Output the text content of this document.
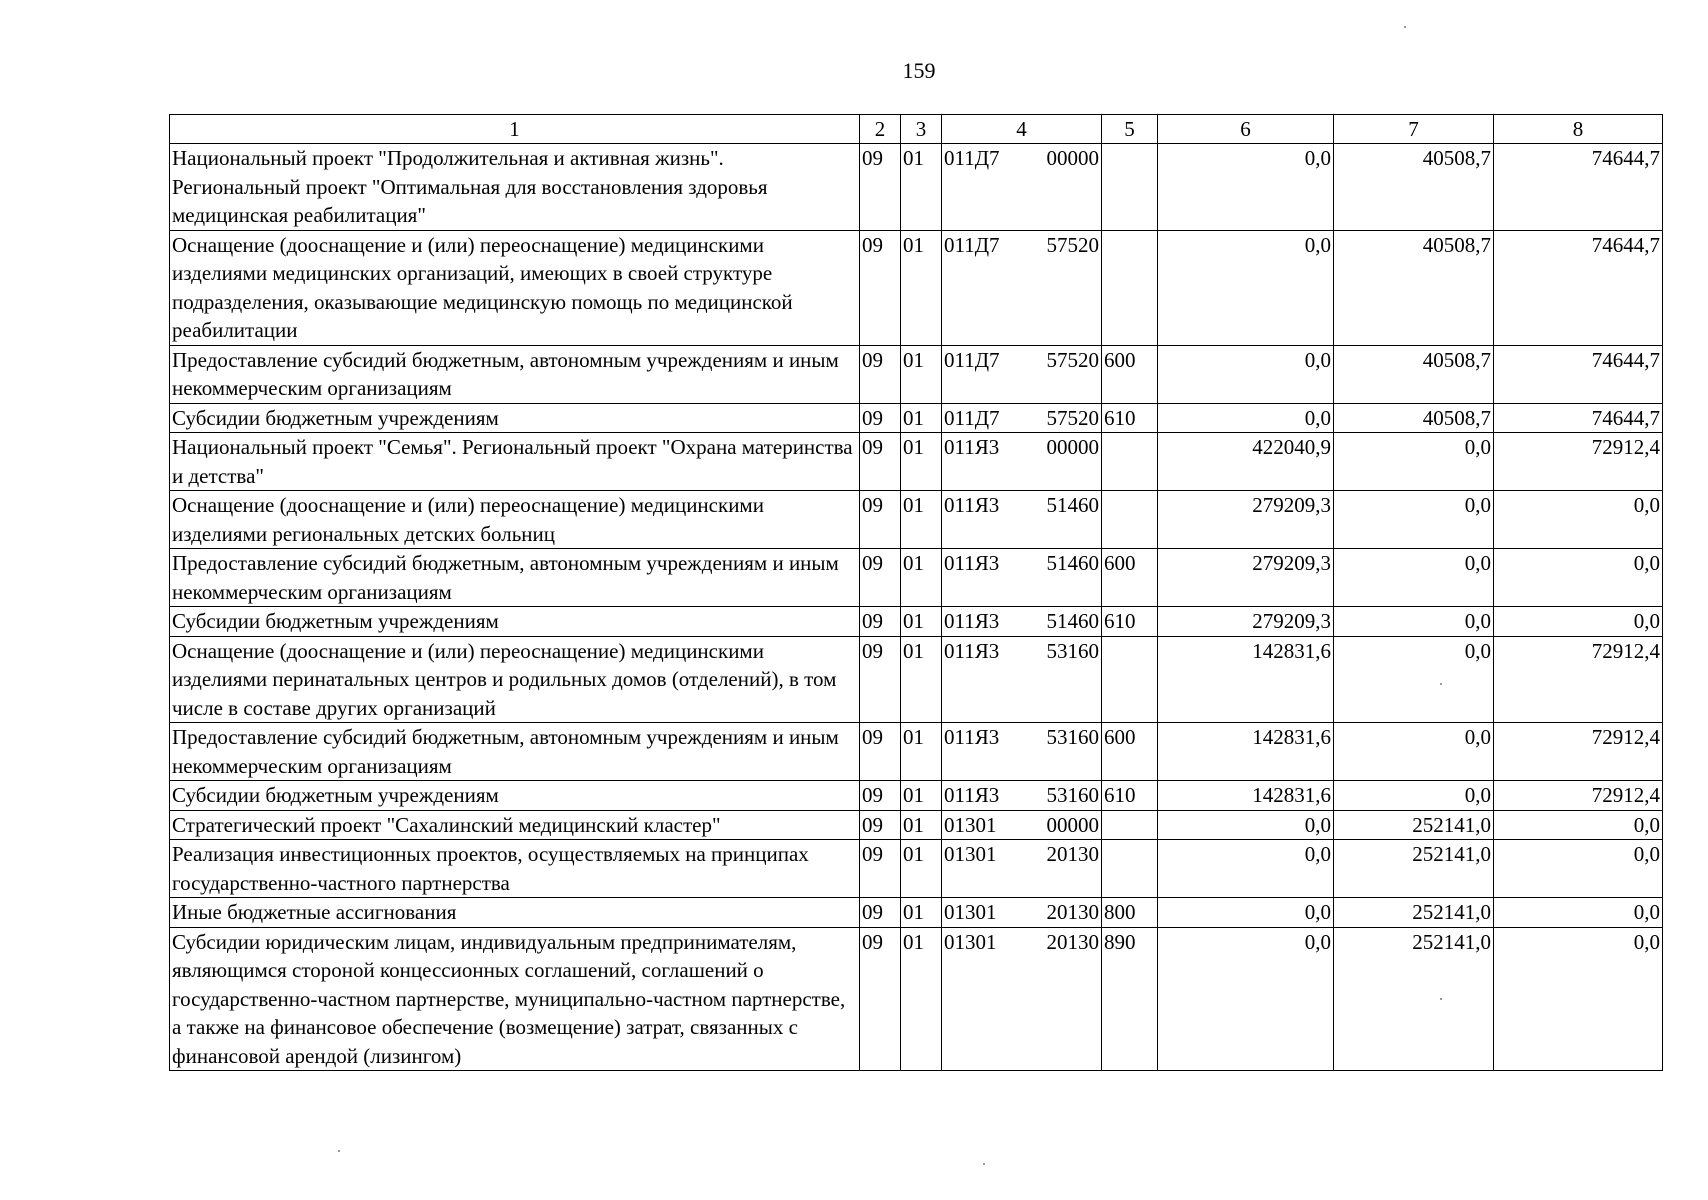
159
1	2	3	4	5	6	7	8
Национальный проект "Продолжительная и активная жизнь". Региональный проект "Оптимальная для восстановления здоровья медицинская реабилитация"	09	01	011Д7 00000		0,0	40508,7	74644,7
Оснащение (дооснащение и (или) переоснащение) медицинскими изделиями медицинских организаций, имеющих в своей структуре подразделения, оказывающие медицинскую помощь по медицинской реабилитации	09	01	011Д7 57520		0,0	40508,7	74644,7
Предоставление субсидий бюджетным, автономным учреждениям и иным некоммерческим организациям	09	01	011Д7 57520	600	0,0	40508,7	74644,7
Субсидии бюджетным учреждениям	09	01	011Д7 57520	610	0,0	40508,7	74644,7
Национальный проект "Семья". Региональный проект "Охрана материнства и детства"	09	01	011Я3 00000		422040,9	0,0	72912,4
Оснащение (дооснащение и (или) переоснащение) медицинскими изделиями региональных детских больниц	09	01	011Я3 51460		279209,3	0,0	0,0
Предоставление субсидий бюджетным, автономным учреждениям и иным некоммерческим организациям	09	01	011Я3 51460	600	279209,3	0,0	0,0
Субсидии бюджетным учреждениям	09	01	011Я3 51460	610	279209,3	0,0	0,0
Оснащение (дооснащение и (или) переоснащение) медицинскими изделиями перинатальных центров и родильных домов (отделений), в том числе в составе других организаций	09	01	011Я3 53160		142831,6	0,0	72912,4
Предоставление субсидий бюджетным, автономным учреждениям и иным некоммерческим организациям	09	01	011Я3 53160	600	142831,6	0,0	72912,4
Субсидии бюджетным учреждениям	09	01	011Я3 53160	610	142831,6	0,0	72912,4
Стратегический проект "Сахалинский медицинский кластер"	09	01	01301 00000		0,0	252141,0	0,0
Реализация инвестиционных проектов, осуществляемых на принципах государственно-частного партнерства	09	01	01301 20130		0,0	252141,0	0,0
Иные бюджетные ассигнования	09	01	01301 20130	800	0,0	252141,0	0,0
Субсидии юридическим лицам, индивидуальным предпринимателям, являющимся стороной концессионных соглашений, соглашений о государственно-частном партнерстве, муниципально-частном партнерстве, а также на финансовое обеспечение (возмещение) затрат, связанных с финансовой арендой (лизингом)	09	01	01301 20130	890	0,0	252141,0	0,0
